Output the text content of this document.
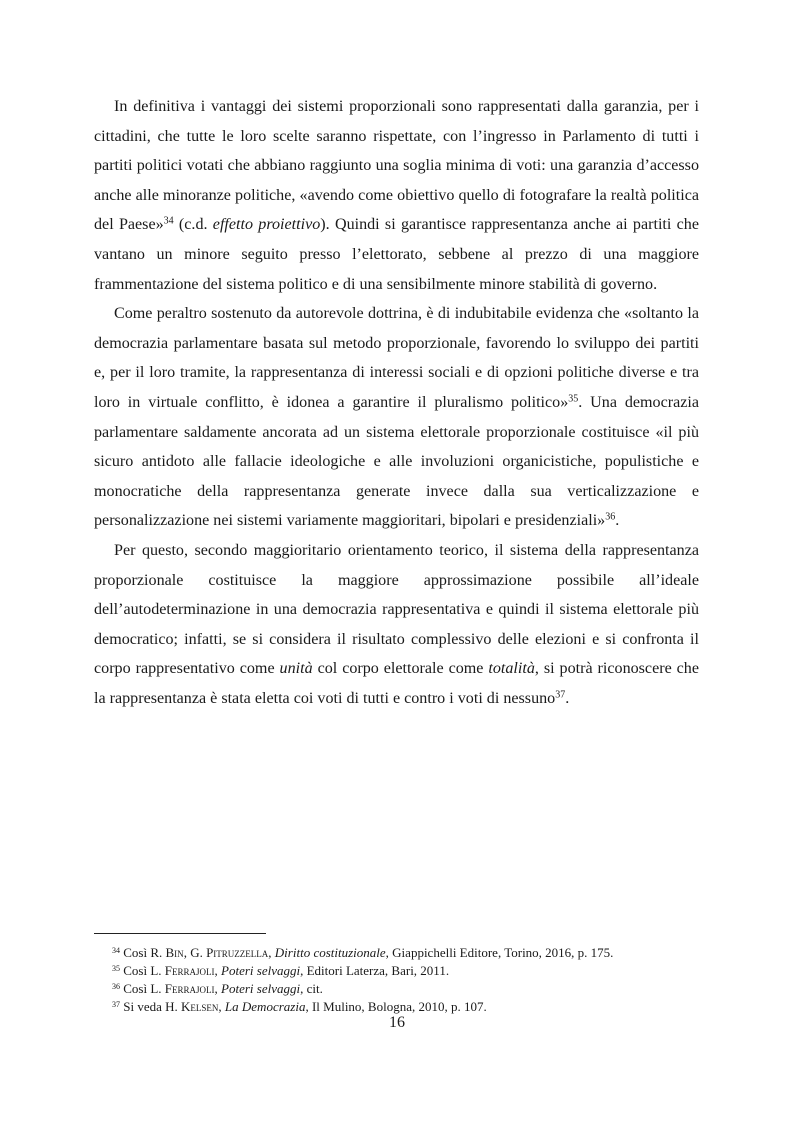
In definitiva i vantaggi dei sistemi proporzionali sono rappresentati dalla garanzia, per i cittadini, che tutte le loro scelte saranno rispettate, con l’ingresso in Parlamento di tutti i partiti politici votati che abbiano raggiunto una soglia minima di voti: una garanzia d’accesso anche alle minoranze politiche, «avendo come obiettivo quello di fotografare la realtà politica del Paese»$^{34}$ (c.d. effetto proiettivo). Quindi si garantisce rappresentanza anche ai partiti che vantano un minore seguito presso l’elettorato, sebbene al prezzo di una maggiore frammentazione del sistema politico e di una sensibilmente minore stabilità di governo.

Come peraltro sostenuto da autorevole dottrina, è di indubitabile evidenza che «soltanto la democrazia parlamentare basata sul metodo proporzionale, favorendo lo sviluppo dei partiti e, per il loro tramite, la rappresentanza di interessi sociali e di opzioni politiche diverse e tra loro in virtuale conflitto, è idonea a garantire il pluralismo politico»$^{35}$. Una democrazia parlamentare saldamente ancorata ad un sistema elettorale proporzionale costituisce «il più sicuro antidoto alle fallacie ideologiche e alle involuzioni organicistiche, populistiche e monocratiche della rappresentanza generate invece dalla sua verticalizzazione e personalizzazione nei sistemi variamente maggioritari, bipolari e presidenziali»$^{36}$.

Per questo, secondo maggioritario orientamento teorico, il sistema della rappresentanza proporzionale costituisce la maggiore approssimazione possibile all’ideale dell’autodeterminazione in una democrazia rappresentativa e quindi il sistema elettorale più democratico; infatti, se si considera il risultato complessivo delle elezioni e si confronta il corpo rappresentativo come unità col corpo elettorale come totalità, si potrà riconoscere che la rappresentanza è stata eletta coi voti di tutti e contro i voti di nessuno$^{37}$.

$^{34}$ Così R. Bin, G. Pitruzzella, Diritto costituzionale, Giappichelli Editore, Torino, 2016, p. 175.
$^{35}$ Così L. Ferrajoli, Poteri selvaggi, Editori Laterza, Bari, 2011.
$^{36}$ Così L. Ferrajoli, Poteri selvaggi, cit.
$^{37}$ Si veda H. Kelsen, La Democrazia, Il Mulino, Bologna, 2010, p. 107.
16
